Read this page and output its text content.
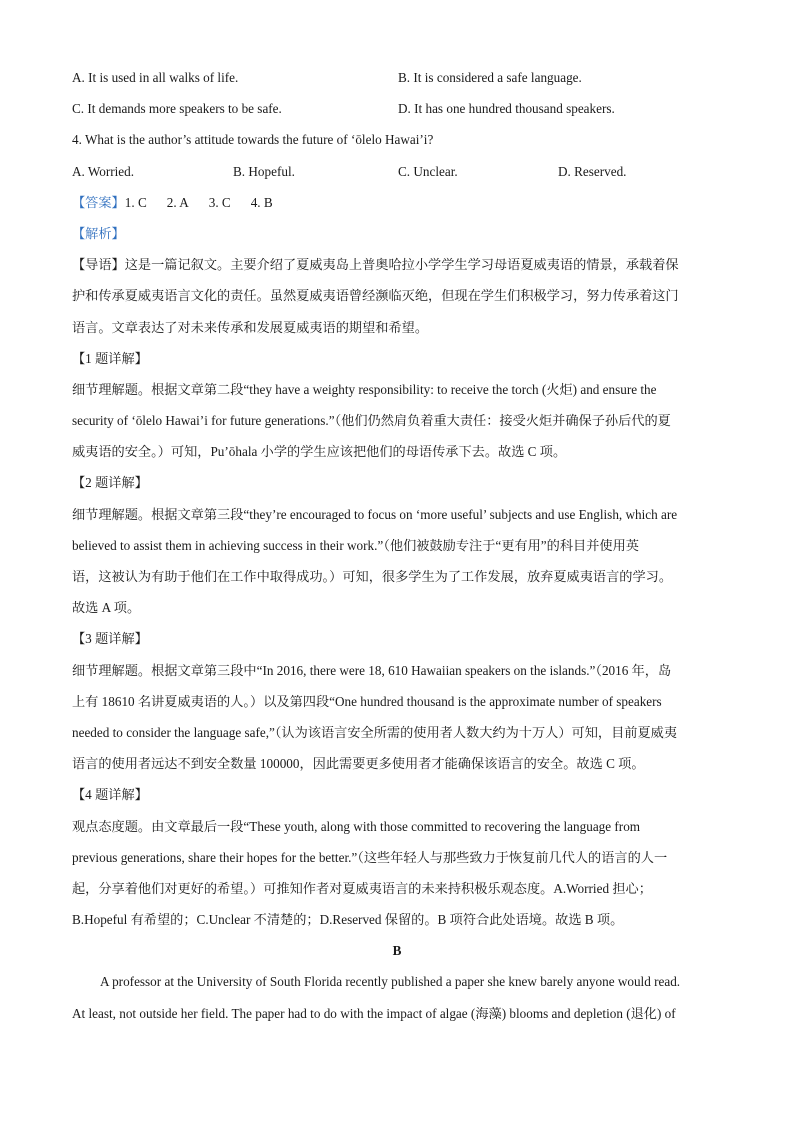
A. It is used in all walks of life.	B. It is considered a safe language.
C. It demands more speakers to be safe.	D. It has one hundred thousand speakers.
4. What is the author’s attitude towards the future of ‘ōlelo Hawai’i?
A. Worried.	B. Hopeful.	C. Unclear.	D. Reserved.
【答案】1. C 2. A 3. C 4. B
【解析】
【导语】这是一篇记叙文。主要介绍了夏威夷岛上普奥哈拉小学学生学习母语夏威夷语的情景，承载着保
护和传承夏威夷语言文化的责任。虽然夏威夷语曾经濒临灭绝，但现在学生们积极学习，努力传承着这门
语言。文章表达了对未来传承和发展夏威夷语的期望和希望。
【1 题详解】
细节理解题。根据文章第二段“they have a weighty responsibility: to receive the torch (火炬) and ensure the
security of ‘ōlelo Hawai’i for future generations.”（他们仍然肩负着重大责任：接受火炬并确保子孙后代的夏
威夷语的安全。）可知，Pu’ōhala 小学的学生应该把他们的母语传承下去。故选 C 项。
【2 题详解】
细节理解题。根据文章第三段“they’re encouraged to focus on ‘more useful’ subjects and use English, which are
believed to assist them in achieving success in their work.”（他们被鼓励专注于“更有用”的科目并使用英
语，这被认为有助于他们在工作中取得成功。）可知，很多学生为了工作发展，放弃夏威夷语言的学习。
故选 A 项。
【3 题详解】
细节理解题。根据文章第三段中“In 2016, there were 18, 610 Hawaiian speakers on the islands.”（2016 年，岛
上有 18610 名讲夏威夷语的人。）以及第四段“One hundred thousand is the approximate number of speakers
needed to consider the language safe,”（认为该语言安全所需的使用者人数大约为十万人）可知，目前夏威夷
语言的使用者远达不到安全数量 100000，因此需要更多使用者才能确保该语言的安全。故选 C 项。
【4 题详解】
观点态度题。由文章最后一段“These youth, along with those committed to recovering the language from
previous generations, share their hopes for the better.”（这些年轻人与那些致力于恢复前几代人的语言的人一
起，分享着他们对更好的希望。）可推知作者对夏威夷语言的未来持积极乐观态度。A.Worried 担心；
B.Hopeful 有希望的；C.Unclear 不清楚的；D.Reserved 保留的。B 项符合此处语境。故选 B 项。
B
A professor at the University of South Florida recently published a paper she knew barely anyone would read.
At least, not outside her field. The paper had to do with the impact of algae (海藻) blooms and depletion (退化) of
